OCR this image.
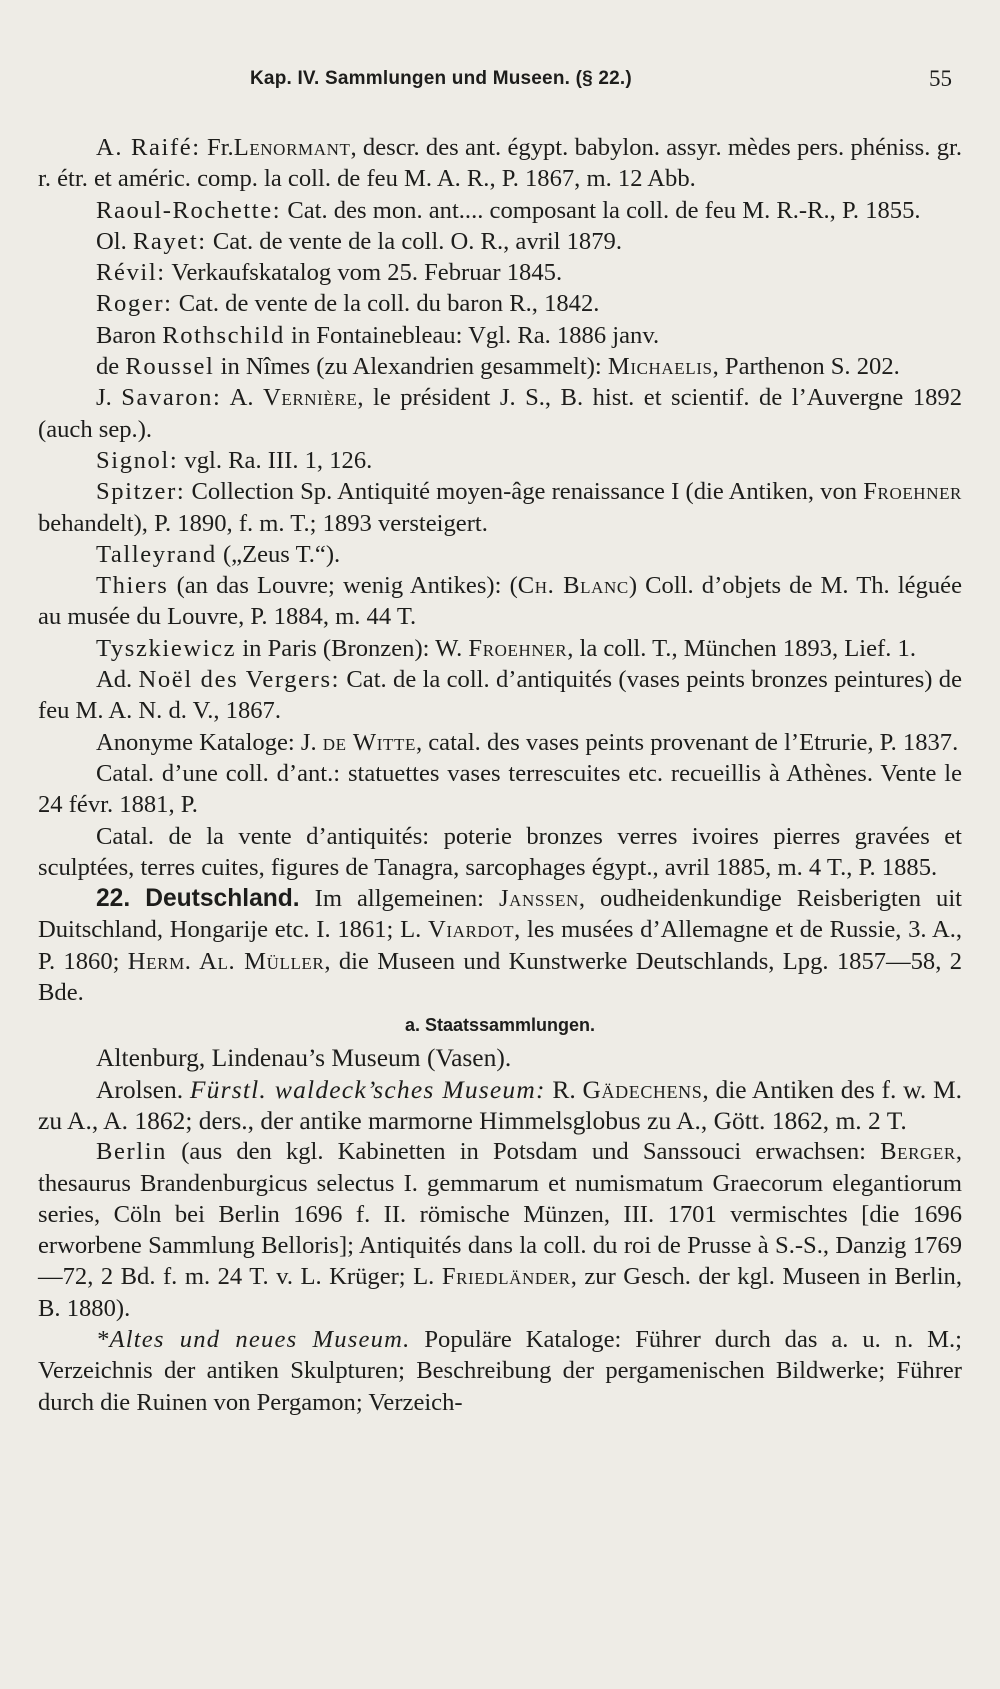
Kap. IV. Sammlungen und Museen. (§ 22.)	55

A. Raifé: Fr.Lenormant, descr. des ant. égypt. babylon. assyr. mèdes pers. phéniss. gr. r. étr. et améric. comp. la coll. de feu M. A. R., P. 1867, m. 12 Abb.

Raoul-Rochette: Cat. des mon. ant.... composant la coll. de feu M. R.-R., P. 1855.

Ol. Rayet: Cat. de vente de la coll. O. R., avril 1879.

Révil: Verkaufskatalog vom 25. Februar 1845.

Roger: Cat. de vente de la coll. du baron R., 1842.

Baron Rothschild in Fontainebleau: Vgl. Ra. 1886 janv.

de Roussel in Nîmes (zu Alexandrien gesammelt): Michaelis, Parthenon S. 202.

J. Savaron: A. Vernière, le président J. S., B. hist. et scientif. de l’Auvergne 1892 (auch sep.).

Signol: vgl. Ra. III. 1, 126.

Spitzer: Collection Sp. Antiquité moyen-âge renaissance I (die Antiken, von Froehner behandelt), P. 1890, f. m. T.; 1893 versteigert.

Talleyrand („Zeus T.“).

Thiers (an das Louvre; wenig Antikes): (Ch. Blanc) Coll. d’objets de M. Th. léguée au musée du Louvre, P. 1884, m. 44 T.

Tyszkiewicz in Paris (Bronzen): W. Froehner, la coll. T., München 1893, Lief. 1.

Ad. Noël des Vergers: Cat. de la coll. d’antiquités (vases peints bronzes peintures) de feu M. A. N. d. V., 1867.

Anonyme Kataloge: J. de Witte, catal. des vases peints provenant de l’Etrurie, P. 1837.

Catal. d’une coll. d’ant.: statuettes vases terrescuites etc. recueillis à Athènes. Vente le 24 févr. 1881, P.

Catal. de la vente d’antiquités: poterie bronzes verres ivoires pierres gravées et sculptées, terres cuites, figures de Tanagra, sarcophages égypt., avril 1885, m. 4 T., P. 1885.

22. Deutschland. Im allgemeinen: Janssen, oudheidenkundige Reisberigten uit Duitschland, Hongarije etc. I. 1861; L. Viardot, les musées d’Allemagne et de Russie, 3. A., P. 1860; Herm. Al. Müller, die Museen und Kunstwerke Deutschlands, Lpg. 1857—58, 2 Bde.

a. Staatssammlungen.

Altenburg, Lindenau’s Museum (Vasen).

Arolsen. Fürstl. waldeck’sches Museum: R. Gädechens, die Antiken des f. w. M. zu A., A. 1862; ders., der antike marmorne Himmelsglobus zu A., Gött. 1862, m. 2 T.

Berlin (aus den kgl. Kabinetten in Potsdam und Sanssouci erwachsen: Berger, thesaurus Brandenburgicus selectus I. gemmarum et numismatum Graecorum elegantiorum series, Cöln bei Berlin 1696 f. II. römische Münzen, III. 1701 vermischtes [die 1696 erworbene Sammlung Belloris]; Antiquités dans la coll. du roi de Prusse à S.-S., Danzig 1769—72, 2 Bd. f. m. 24 T. v. L. Krüger; L. Friedländer, zur Gesch. der kgl. Museen in Berlin, B. 1880).

*Altes und neues Museum. Populäre Kataloge: Führer durch das a. u. n. M.; Verzeichnis der antiken Skulpturen; Beschreibung der pergamenischen Bildwerke; Führer durch die Ruinen von Pergamon; Verzeich-
